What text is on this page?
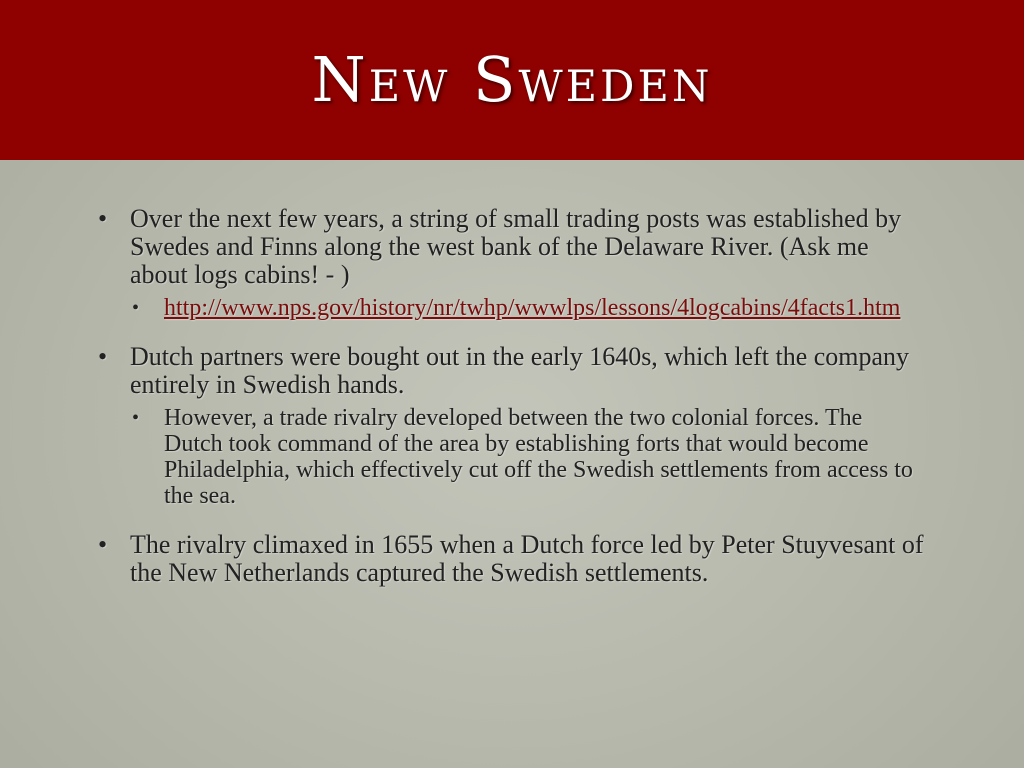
New Sweden
• Over the next few years, a string of small trading posts was established by Swedes and Finns along the west bank of the Delaware River. (Ask me about logs cabins! - )
• http://www.nps.gov/history/nr/twhp/wwwlps/lessons/4logcabins/4facts1.htm
• Dutch partners were bought out in the early 1640s, which left the company entirely in Swedish hands.
• However, a trade rivalry developed between the two colonial forces. The Dutch took command of the area by establishing forts that would become Philadelphia, which effectively cut off the Swedish settlements from access to the sea.
• The rivalry climaxed in 1655 when a Dutch force led by Peter Stuyvesant of the New Netherlands captured the Swedish settlements.
